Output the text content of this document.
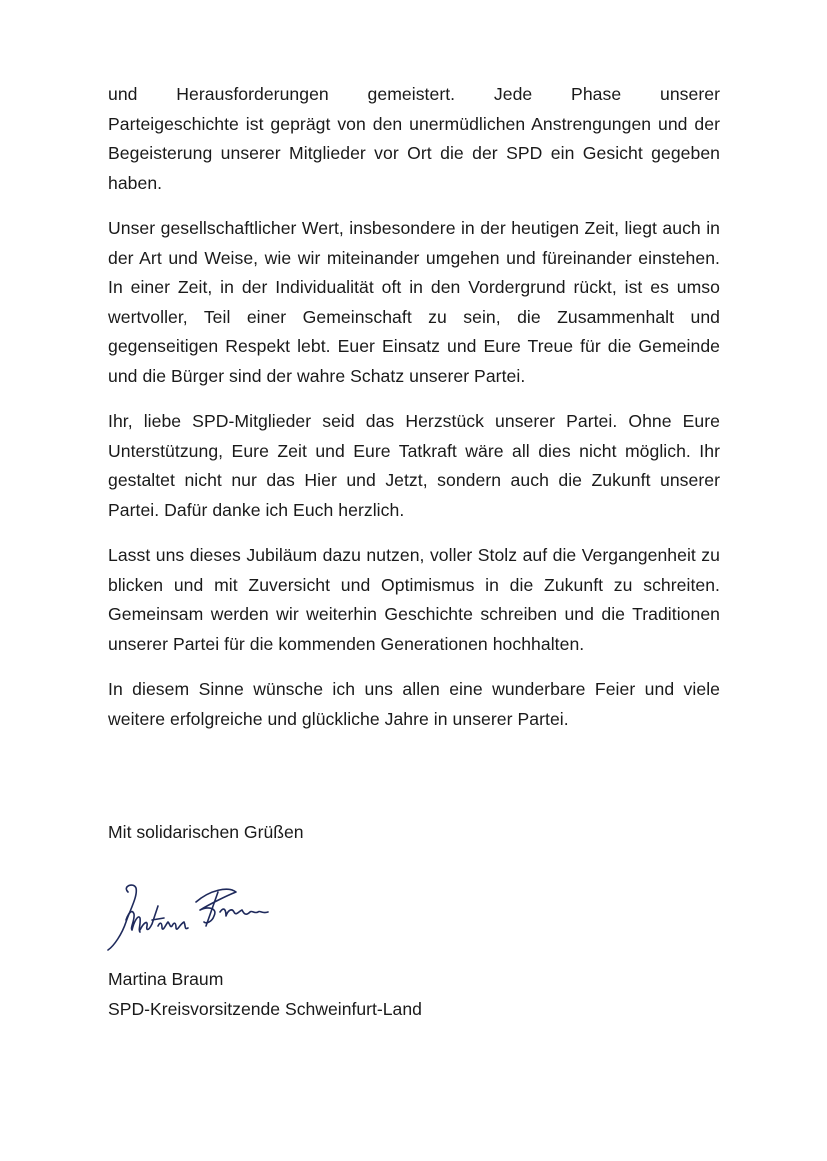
und Herausforderungen gemeistert. Jede Phase unserer
Parteigeschichte ist geprägt von den unermüdlichen Anstrengungen und der Begeisterung unserer Mitglieder vor Ort die der SPD ein Gesicht gegeben haben.

Unser gesellschaftlicher Wert, insbesondere in der heutigen Zeit, liegt auch in der Art und Weise, wie wir miteinander umgehen und füreinander einstehen. In einer Zeit, in der Individualität oft in den Vordergrund rückt, ist es umso wertvoller, Teil einer Gemeinschaft zu sein, die Zusammenhalt und gegenseitigen Respekt lebt. Euer Einsatz und Eure Treue für die Gemeinde und die Bürger sind der wahre Schatz unserer Partei.

Ihr, liebe SPD-Mitglieder seid das Herzstück unserer Partei. Ohne Eure Unterstützung, Eure Zeit und Eure Tatkraft wäre all dies nicht möglich. Ihr gestaltet nicht nur das Hier und Jetzt, sondern auch die Zukunft unserer Partei. Dafür danke ich Euch herzlich.

Lasst uns dieses Jubiläum dazu nutzen, voller Stolz auf die Vergangenheit zu blicken und mit Zuversicht und Optimismus in die Zukunft zu schreiten. Gemeinsam werden wir weiterhin Geschichte schreiben und die Traditionen unserer Partei für die kommenden Generationen hochhalten.

In diesem Sinne wünsche ich uns allen eine wunderbare Feier und viele weitere erfolgreiche und glückliche Jahre in unserer Partei.

Mit solidarischen Grüßen
Martina Braum
SPD-Kreisvorsitzende Schweinfurt-Land
